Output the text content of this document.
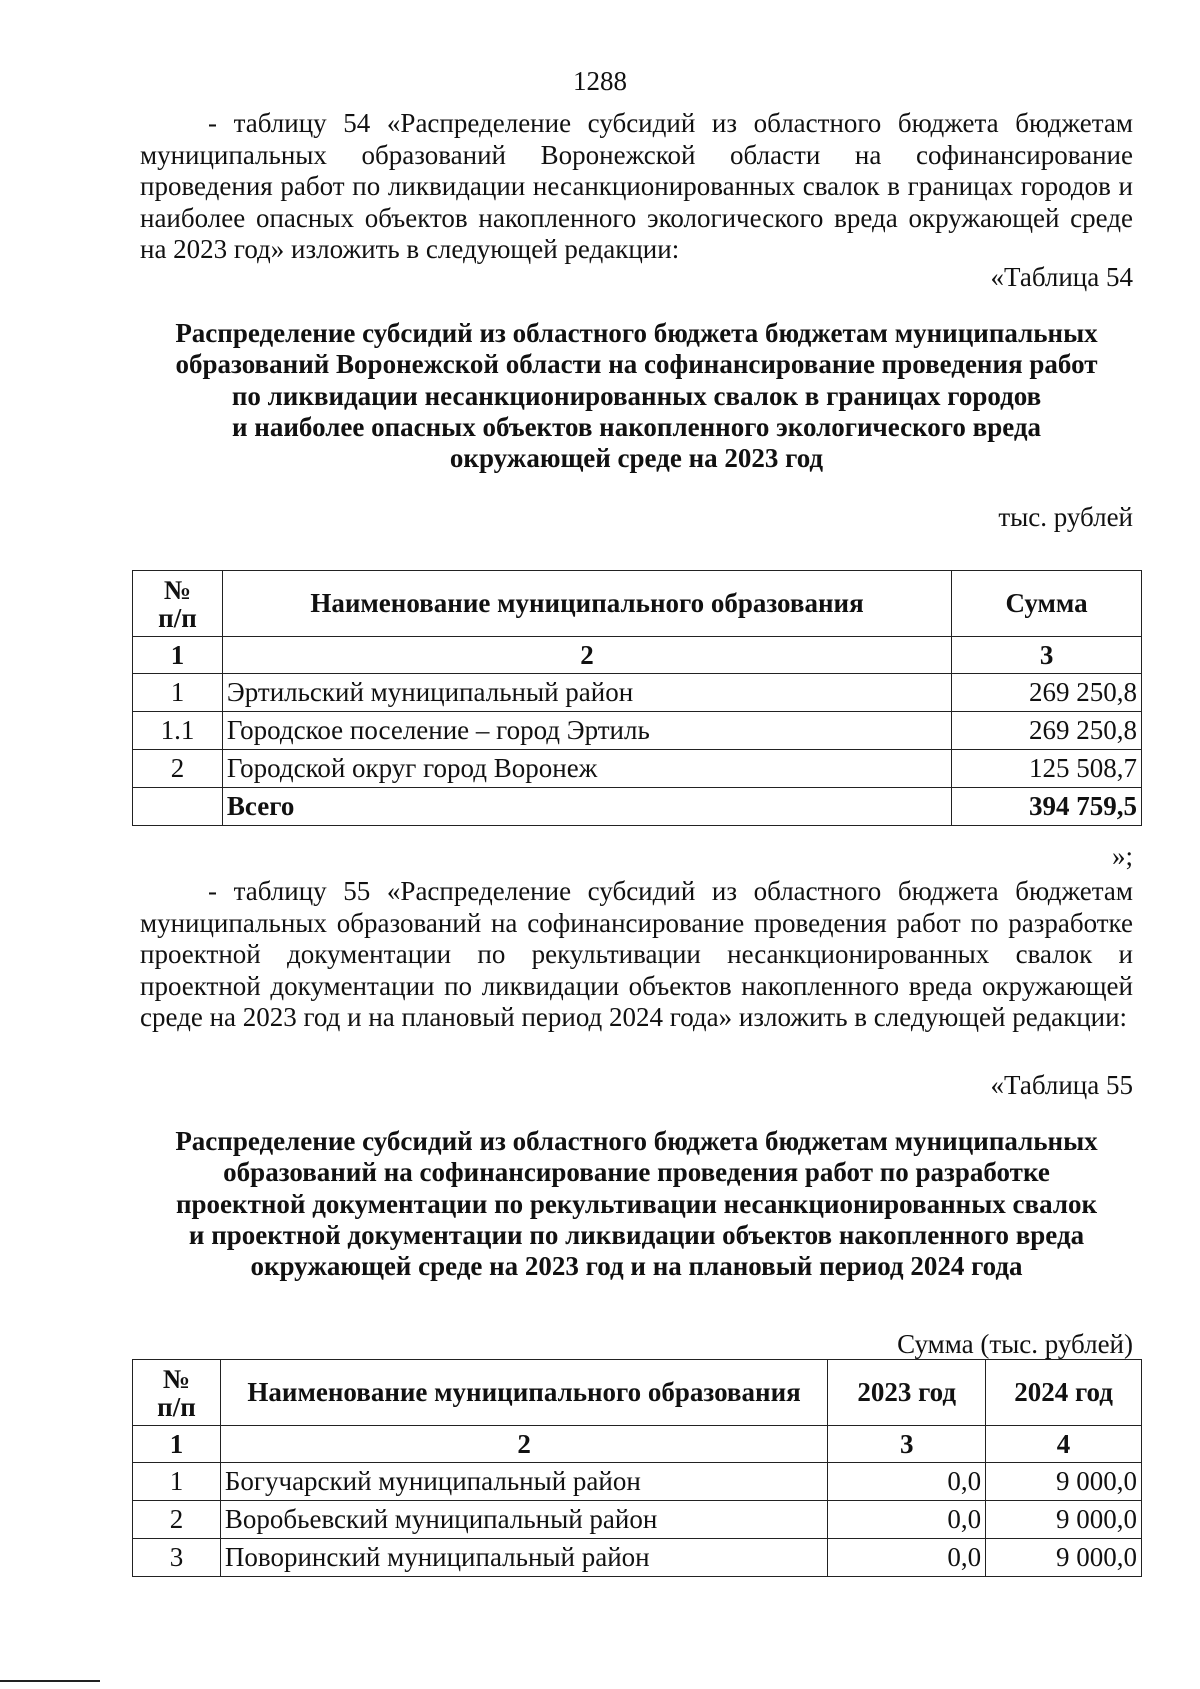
1288

- таблицу 54 «Распределение субсидий из областного бюджета бюджетам муниципальных образований Воронежской области на софинансирование проведения работ по ликвидации несанкционированных свалок в границах городов и наиболее опасных объектов накопленного экологического вреда окружающей среде на 2023 год» изложить в следующей редакции:

«Таблица 54
Распределение субсидий из областного бюджета бюджетам муниципальных
образований Воронежской области на софинансирование проведения работ
по ликвидации несанкционированных свалок в границах городов
и наиболее опасных объектов накопленного экологического вреда
окружающей среде на 2023 год
тыс. рублей
№
п/п	Наименование муниципального образования	Сумма
1	2	3
1	Эртильский муниципальный район	269 250,8
1.1	Городское поселение – город Эртиль	269 250,8
2	Городской округ город Воронеж	125 508,7
	Всего	394 759,5
»;

- таблицу 55 «Распределение субсидий из областного бюджета бюджетам муниципальных образований на софинансирование проведения работ по разработке проектной документации по рекультивации несанкционированных свалок и проектной документации по ликвидации объектов накопленного вреда окружающей среде на 2023 год и на плановый период 2024 года» изложить в следующей редакции:

«Таблица 55
Распределение субсидий из областного бюджета бюджетам муниципальных
образований на софинансирование проведения работ по разработке
проектной документации по рекультивации несанкционированных свалок
и проектной документации по ликвидации объектов накопленного вреда
окружающей среде на 2023 год и на плановый период 2024 года
Сумма (тыс. рублей)
№
п/п	Наименование муниципального образования	2023 год	2024 год
1	2	3	4
1	Богучарский муниципальный район	0,0	9 000,0
2	Воробьевский муниципальный район	0,0	9 000,0
3	Поворинский муниципальный район	0,0	9 000,0
